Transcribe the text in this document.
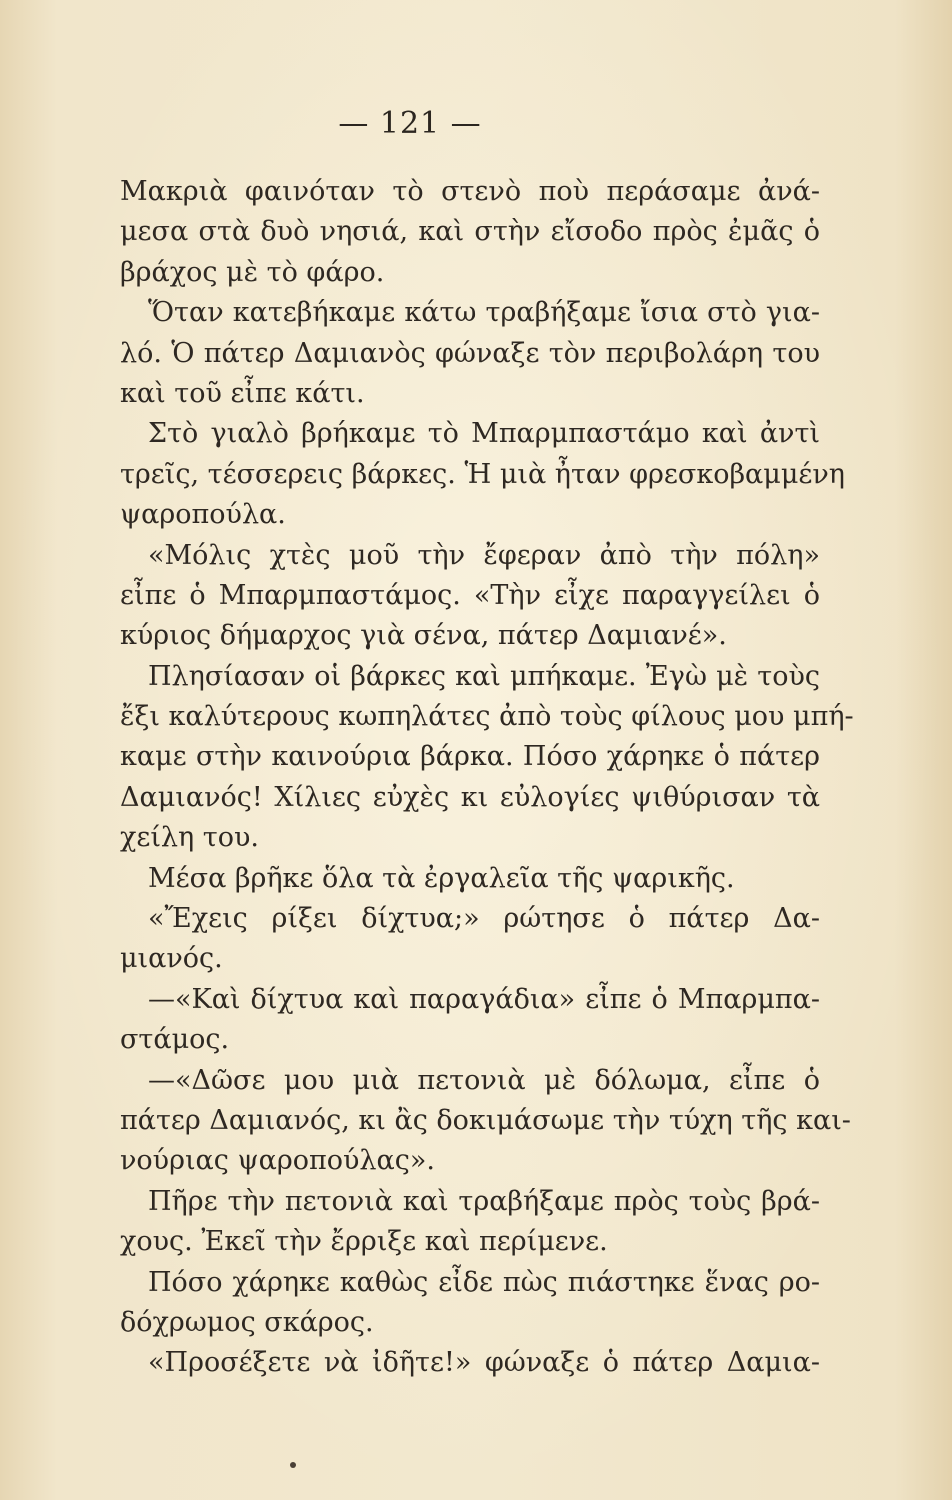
— 121 —
Μακριὰ φαινόταν τὸ στενὸ ποὺ περάσαμε ἀνά-
μεσα στὰ δυὸ νησιά, καὶ στὴν εἴσοδο πρὸς ἐμᾶς ὁ
βράχος μὲ τὸ φάρο.
Ὅταν κατεβήκαμε κάτω τραβήξαμε ἴσια στὸ για-
λό. Ὁ πάτερ Δαμιανὸς φώναξε τὸν περιβολάρη του
καὶ τοῦ εἶπε κάτι.
Στὸ γιαλὸ βρήκαμε τὸ Μπαρμπαστάμο καὶ ἀντὶ
τρεῖς, τέσσερεις βάρκες. Ἡ μιὰ ἦταν φρεσκοβαμμένη
ψαροπούλα.
«Μόλις χτὲς μοῦ τὴν ἔφεραν ἀπὸ τὴν πόλη»
εἶπε ὁ Μπαρμπαστάμος. «Τὴν εἶχε παραγγείλει ὁ
κύριος δήμαρχος γιὰ σένα, πάτερ Δαμιανέ».
Πλησίασαν οἱ βάρκες καὶ μπήκαμε. Ἐγὼ μὲ τοὺς
ἔξι καλύτερους κωπηλάτες ἀπὸ τοὺς φίλους μου μπή-
καμε στὴν καινούρια βάρκα. Πόσο χάρηκε ὁ πάτερ
Δαμιανός! Χίλιες εὐχὲς κι εὐλογίες ψιθύρισαν τὰ
χείλη του.
Μέσα βρῆκε ὅλα τὰ ἐργαλεῖα τῆς ψαρικῆς.
«Ἔχεις ρίξει δίχτυα;» ρώτησε ὁ πάτερ Δα-
μιανός.
—«Καὶ δίχτυα καὶ παραγάδια» εἶπε ὁ Μπαρμπα-
στάμος.
—«Δῶσε μου μιὰ πετονιὰ μὲ δόλωμα, εἶπε ὁ
πάτερ Δαμιανός, κι ἂς δοκιμάσωμε τὴν τύχη τῆς και-
νούριας ψαροπούλας».
Πῆρε τὴν πετονιὰ καὶ τραβήξαμε πρὸς τοὺς βρά-
χους. Ἐκεῖ τὴν ἔρριξε καὶ περίμενε.
Πόσο χάρηκε καθὼς εἶδε πὼς πιάστηκε ἕνας ρο-
δόχρωμος σκάρος.
«Προσέξετε νὰ ἰδῆτε!» φώναξε ὁ πάτερ Δαμια-
